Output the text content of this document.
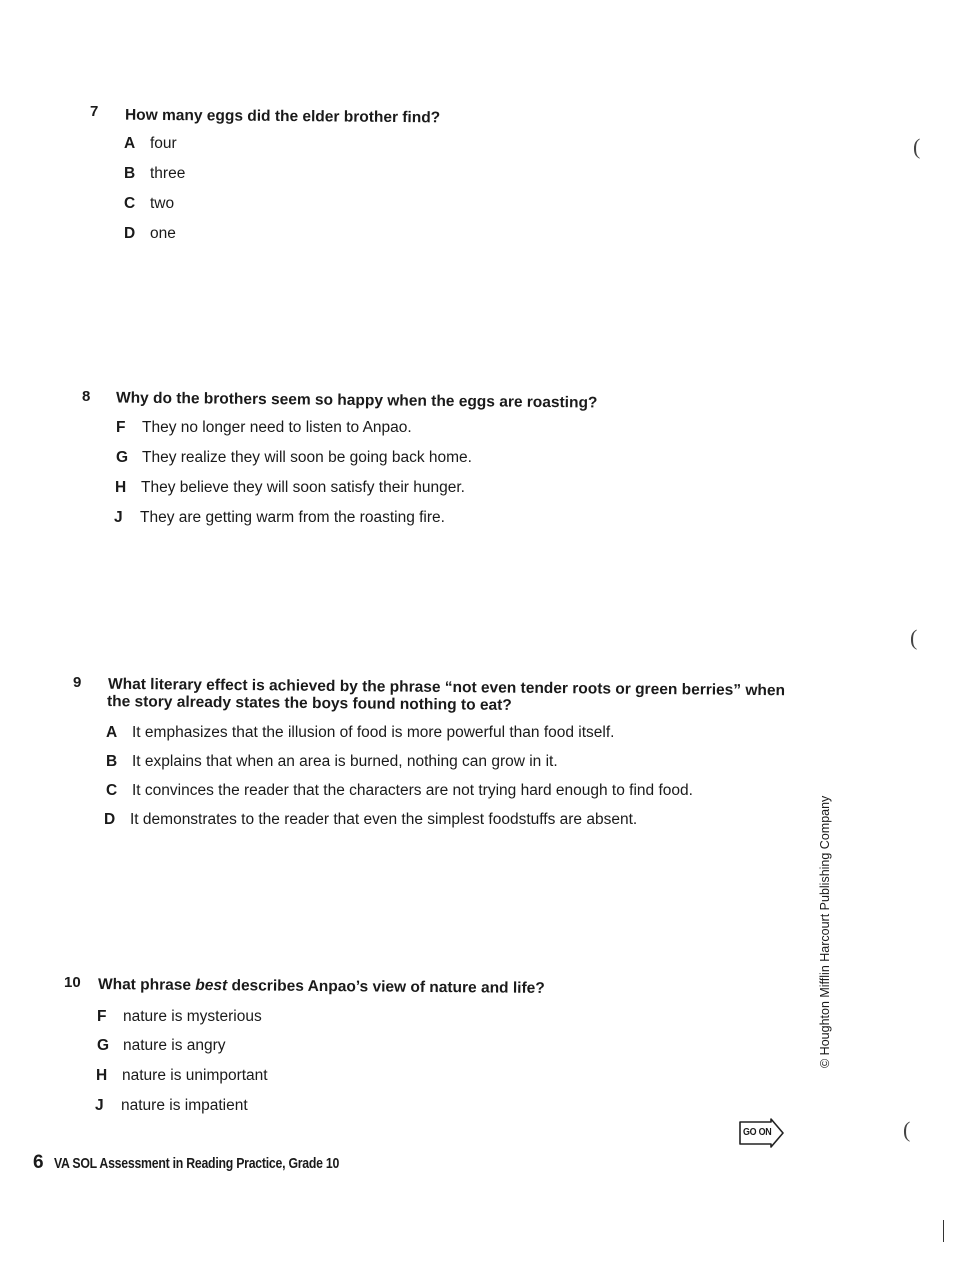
7 How many eggs did the elder brother find?
A four
B three
C two
D one
8 Why do the brothers seem so happy when the eggs are roasting?
F They no longer need to listen to Anpao.
G They realize they will soon be going back home.
H They believe they will soon satisfy their hunger.
J They are getting warm from the roasting fire.
9 What literary effect is achieved by the phrase “not even tender roots or green berries” when
the story already states the boys found nothing to eat?
A It emphasizes that the illusion of food is more powerful than food itself.
B It explains that when an area is burned, nothing can grow in it.
C It convinces the reader that the characters are not trying hard enough to find food.
D It demonstrates to the reader that even the simplest foodstuffs are absent.
10 What phrase best describes Anpao’s view of nature and life?
F nature is mysterious
G nature is angry
H nature is unimportant
J nature is impatient
© Houghton Mifflin Harcourt Publishing Company
GO ON
6 VA SOL Assessment in Reading Practice, Grade 10
(
(
(
